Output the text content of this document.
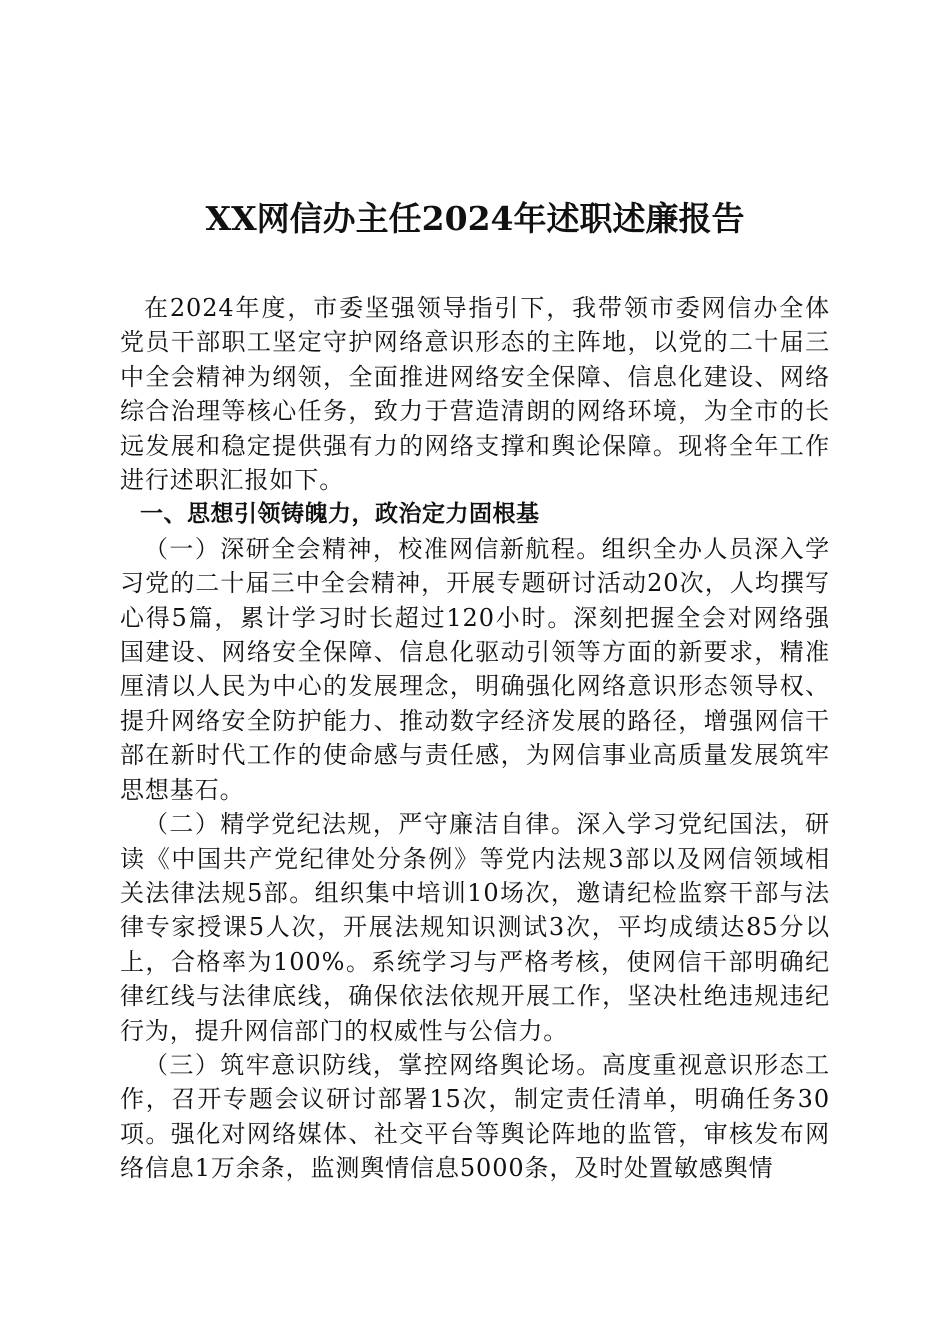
XX网信办主任2024年述职述廉报告

在2024年度，市委坚强领导指引下，我带领市委网信办全体党员干部职工坚定守护网络意识形态的主阵地，以党的二十届三中全会精神为纲领，全面推进网络安全保障、信息化建设、网络综合治理等核心任务，致力于营造清朗的网络环境，为全市的长远发展和稳定提供强有力的网络支撑和舆论保障。现将全年工作进行述职汇报如下。

一、思想引领铸魄力，政治定力固根基

（一）深研全会精神，校准网信新航程。组织全办人员深入学习党的二十届三中全会精神，开展专题研讨活动20次，人均撰写心得5篇，累计学习时长超过120小时。深刻把握全会对网络强国建设、网络安全保障、信息化驱动引领等方面的新要求，精准厘清以人民为中心的发展理念，明确强化网络意识形态领导权、提升网络安全防护能力、推动数字经济发展的路径，增强网信干部在新时代工作的使命感与责任感，为网信事业高质量发展筑牢思想基石。

（二）精学党纪法规，严守廉洁自律。深入学习党纪国法，研读《中国共产党纪律处分条例》等党内法规3部以及网信领域相关法律法规5部。组织集中培训10场次，邀请纪检监察干部与法律专家授课5人次，开展法规知识测试3次，平均成绩达85分以上，合格率为100%。系统学习与严格考核，使网信干部明确纪律红线与法律底线，确保依法依规开展工作，坚决杜绝违规违纪行为，提升网信部门的权威性与公信力。

（三）筑牢意识防线，掌控网络舆论场。高度重视意识形态工作，召开专题会议研讨部署15次，制定责任清单，明确任务30项。强化对网络媒体、社交平台等舆论阵地的监管，审核发布网络信息1万余条，监测舆情信息5000条，及时处置敏感舆情
